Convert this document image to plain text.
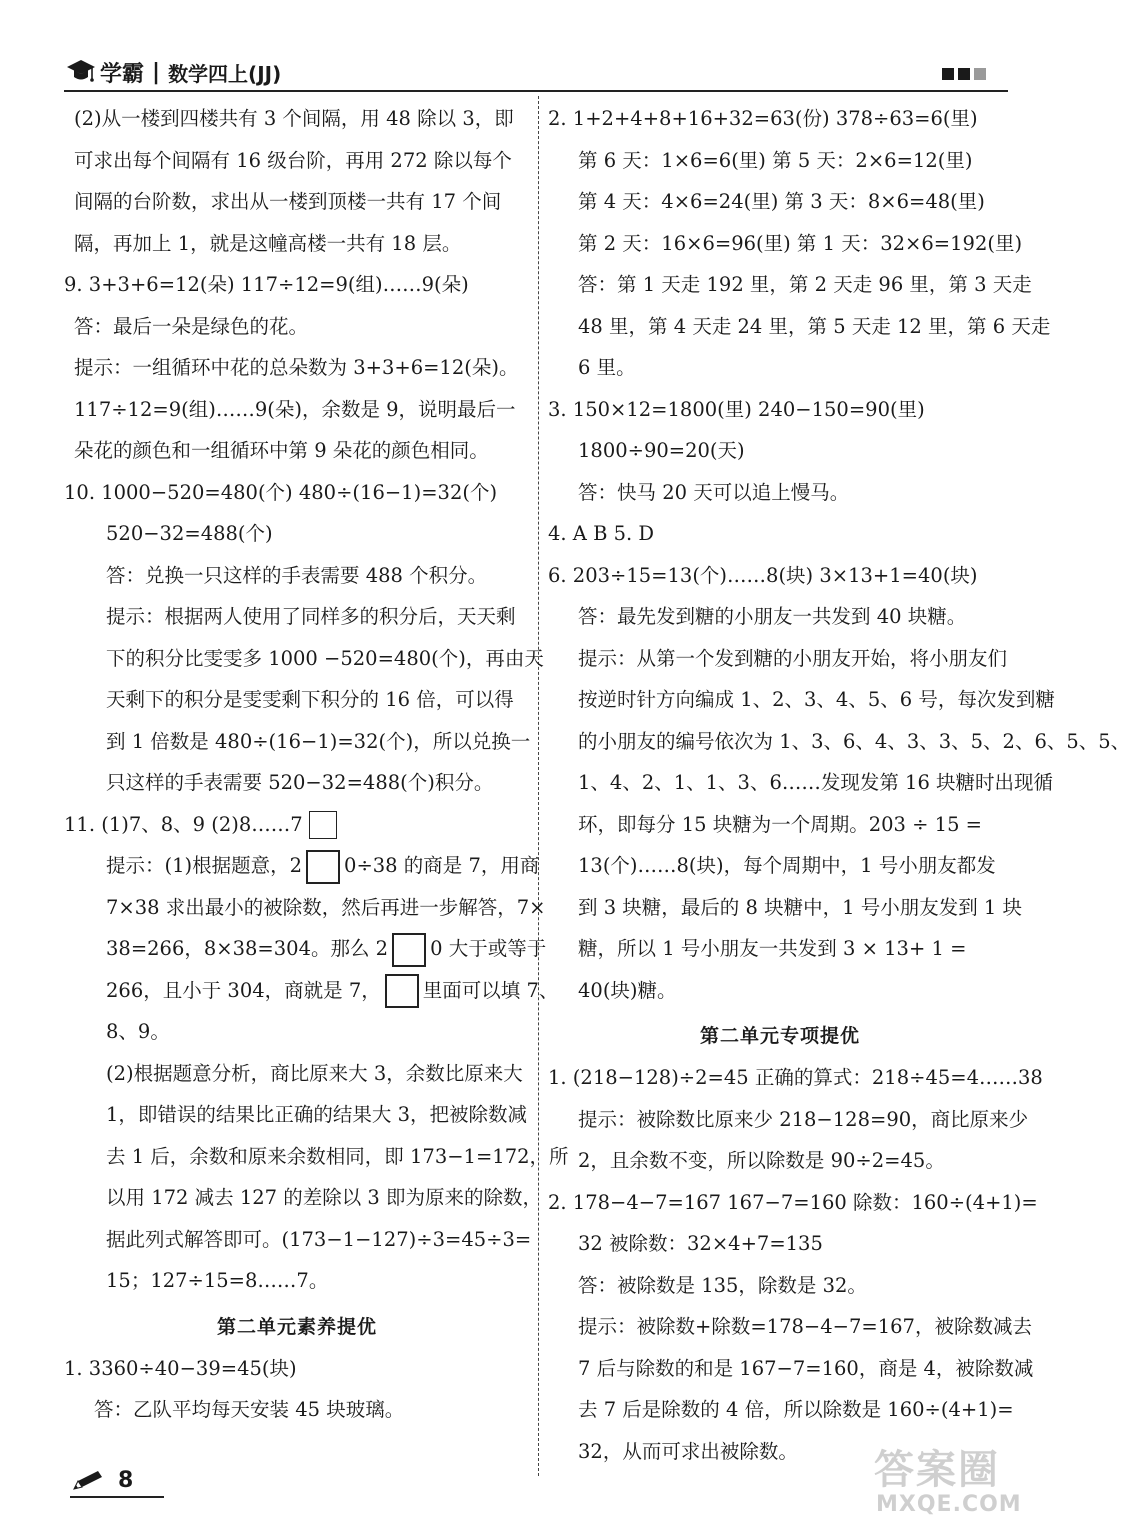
学霸 | 数学四上(JJ)
(2)从一楼到四楼共有 3 个间隔，用 48 除以 3，即
可求出每个间隔有 16 级台阶，再用 272 除以每个
间隔的台阶数，求出从一楼到顶楼一共有 17 个间
隔，再加上 1，就是这幢高楼一共有 18 层。
9. 3+3+6=12(朵) 117÷12=9(组)……9(朵)
答：最后一朵是绿色的花。
提示：一组循环中花的总朵数为 3+3+6=12(朵)。
117÷12=9(组)……9(朵)，余数是 9，说明最后一
朵花的颜色和一组循环中第 9 朵花的颜色相同。
10. 1000−520=480(个) 480÷(16−1)=32(个)
520−32=488(个)
答：兑换一只这样的手表需要 488 个积分。
提示：根据两人使用了同样多的积分后，天天剩
下的积分比雯雯多 1000 −520=480(个)，再由天
天剩下的积分是雯雯剩下积分的 16 倍，可以得
到 1 倍数是 480÷(16−1)=32(个)，所以兑换一
只这样的手表需要 520−32=488(个)积分。
11. (1)7、8、9 (2)8……7
提示：(1)根据题意，2 0÷38 的商是 7，用商
7×38 求出最小的被除数，然后再进一步解答，7×
38=266，8×38=304。那么 2 0 大于或等于
266，且小于 304，商就是 7， 里面可以填 7、
8、9。
(2)根据题意分析，商比原来大 3，余数比原来大
1，即错误的结果比正确的结果大 3，把被除数减
去 1 后，余数和原来余数相同，即 173−1=172，所
以用 172 减去 127 的差除以 3 即为原来的除数，
据此列式解答即可。(173−1−127)÷3=45÷3=
15；127÷15=8……7。
第二单元素养提优
1. 3360÷40−39=45(块)
答：乙队平均每天安装 45 块玻璃。
2. 1+2+4+8+16+32=63(份) 378÷63=6(里)
第 6 天：1×6=6(里) 第 5 天：2×6=12(里)
第 4 天：4×6=24(里) 第 3 天：8×6=48(里)
第 2 天：16×6=96(里) 第 1 天：32×6=192(里)
答：第 1 天走 192 里，第 2 天走 96 里，第 3 天走
48 里，第 4 天走 24 里，第 5 天走 12 里，第 6 天走
6 里。
3. 150×12=1800(里) 240−150=90(里)
1800÷90=20(天)
答：快马 20 天可以追上慢马。
4. A B 5. D
6. 203÷15=13(个)……8(块) 3×13+1=40(块)
答：最先发到糖的小朋友一共发到 40 块糖。
提示：从第一个发到糖的小朋友开始，将小朋友们
按逆时针方向编成 1、2、3、4、5、6 号，每次发到糖
的小朋友的编号依次为 1、3、6、4、3、3、5、2、6、5、5、
1、4、2、1、1、3、6……发现发第 16 块糖时出现循
环，即每分 15 块糖为一个周期。203 ÷ 15 =
13(个)……8(块)，每个周期中，1 号小朋友都发
到 3 块糖，最后的 8 块糖中，1 号小朋友发到 1 块
糖，所以 1 号小朋友一共发到 3 × 13+ 1 =
40(块)糖。
第二单元专项提优
1. (218−128)÷2=45 正确的算式：218÷45=4……38
提示：被除数比原来少 218−128=90，商比原来少
2，且余数不变，所以除数是 90÷2=45。
2. 178−4−7=167 167−7=160 除数：160÷(4+1)=
32 被除数：32×4+7=135
答：被除数是 135，除数是 32。
提示：被除数+除数=178−4−7=167，被除数减去
7 后与除数的和是 167−7=160，商是 4，被除数减
去 7 后是除数的 4 倍，所以除数是 160÷(4+1)=
32，从而可求出被除数。
8	答案圈
MXQE.COM
